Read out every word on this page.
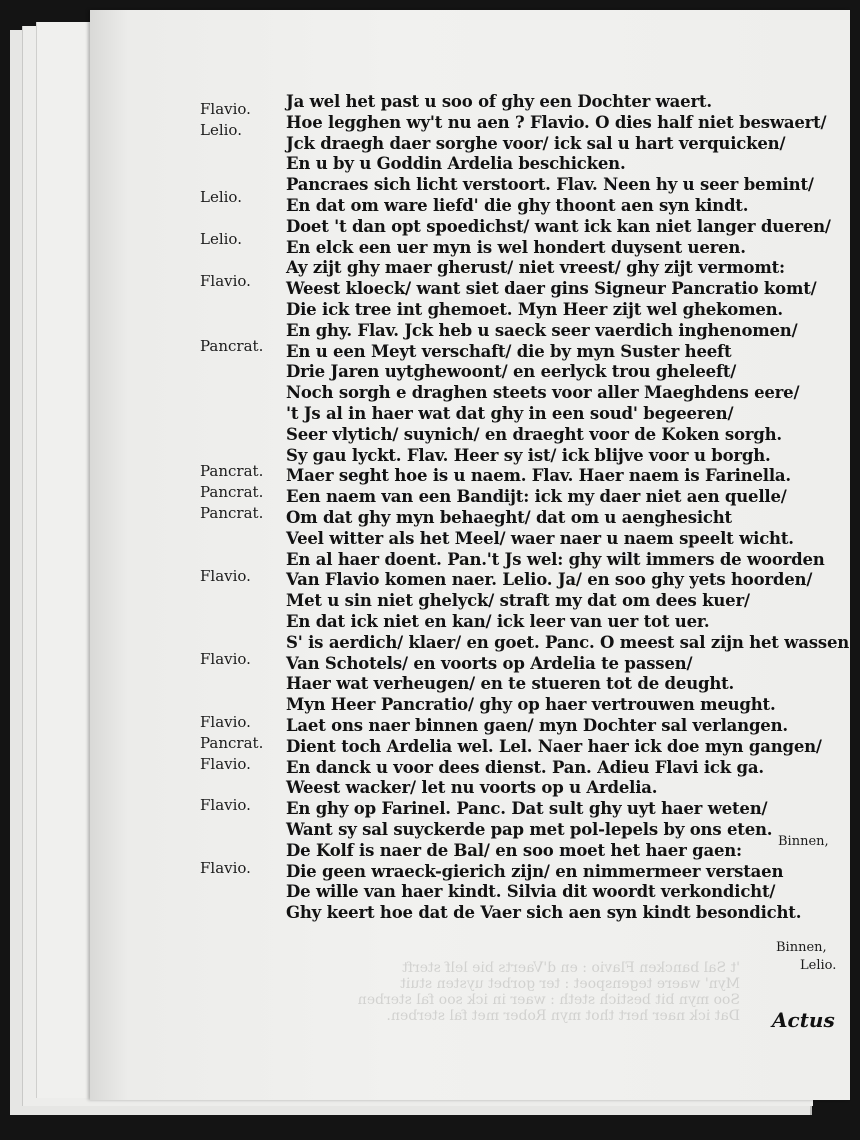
't Sal bancken Flavio : en d'Vaerts bie lelf sterft
Myn' waere tegenspoet : ter gorbet uysten stuit
Soo myn bit bestich steth : waer in ick soo fal sterben
Dat ick naer hert thot myn Rober met fal sterben.
Flavio.
Lelio.
Lelio.
Lelio.
Flavio.
Pancrat.
Pancrat.
Pancrat.
Pancrat.
Flavio.
Flavio.
Flavio.
Pancrat.
Flavio.
Flavio.
Flavio.
Ja wel het past u soo of ghy een Dochter waert.
Hoe legghen wy't nu aen ? Flavio. O dies half niet beswaert/
Jck draegh daer sorghe voor/ ick sal u hart verquicken/
En u by u Goddin Ardelia beschicken.
Pancraes sich licht verstoort. Flav. Neen hy u seer bemint/
En dat om ware liefd' die ghy thoont aen syn kindt.
Doet 't dan opt spoedichst/ want ick kan niet langer dueren/
En elck een uer myn is wel hondert duysent ueren.
Ay zijt ghy maer gherust/ niet vreest/ ghy zijt vermomt:
Weest kloeck/ want siet daer gins Signeur Pancratio komt/
Die ick tree int ghemoet. Myn Heer zijt wel ghekomen.
En ghy. Flav. Jck heb u saeck seer vaerdich inghenomen/
En u een Meyt verschaft/ die by myn Suster heeft
Drie Jaren uytghewoont/ en eerlyck trou gheleeft/
Noch sorgh e draghen steets voor aller Maeghdens eere/
't Js al in haer wat dat ghy in een soud' begeeren/
Seer vlytich/ suynich/ en draeght voor de Koken sorgh.
Sy gau lyckt. Flav. Heer sy ist/ ick blijve voor u borgh.
Maer seght hoe is u naem. Flav. Haer naem is Farinella.
Een naem van een Bandijt: ick my daer niet aen quelle/
Om dat ghy myn behaeght/ dat om u aenghesicht
Veel witter als het Meel/ waer naer u naem speelt wicht.
En al haer doent. Pan.'t Js wel: ghy wilt immers de woorden
Van Flavio komen naer. Lelio. Ja/ en soo ghy yets hoorden/
Met u sin niet ghelyck/ straft my dat om dees kuer/
En dat ick niet en kan/ ick leer van uer tot uer.
S' is aerdich/ klaer/ en goet. Panc. O meest sal zijn het wassen
Van Schotels/ en voorts op Ardelia te passen/
Haer wat verheugen/ en te stueren tot de deught.
Myn Heer Pancratio/ ghy op haer vertrouwen meught.
Laet ons naer binnen gaen/ myn Dochter sal verlangen.
Dient toch Ardelia wel. Lel. Naer haer ick doe myn gangen/
En danck u voor dees dienst. Pan. Adieu Flavi ick ga.
Weest wacker/ let nu voorts op u Ardelia.
En ghy op Farinel. Panc. Dat sult ghy uyt haer weten/
Want sy sal suyckerde pap met pol-lepels by ons eten.
De Kolf is naer de Bal/ en soo moet het haer gaen:
Die geen wraeck-gierich zijn/ en nimmermeer verstaen
De wille van haer kindt. Silvia dit woordt verkondicht/
Ghy keert hoe dat de Vaer sich aen syn kindt besondicht.
Binnen,
Binnen,
Lelio.
Actus
